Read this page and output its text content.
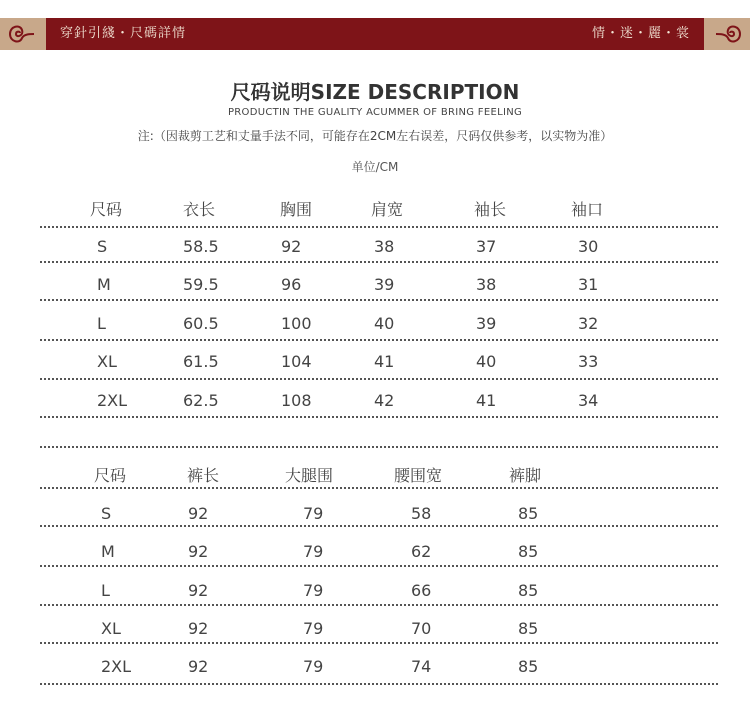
穿針引綫・尺碼詳情	情・迷・麗・裳
尺码说明SIZE DESCRIPTION
PRODUCTIN THE GUALITY ACUMMER OF BRING FEELING
注:（因裁剪工艺和丈量手法不同，可能存在2CM左右误差，尺码仅供参考，以实物为准）
单位/CM
尺码	衣长	胸围	肩宽	袖长	袖口
S	58.5	92	38	37	30
M	59.5	96	39	38	31
L	60.5	100	40	39	32
XL	61.5	104	41	40	33
2XL	62.5	108	42	41	34
尺码	裤长	大腿围	腰围宽	裤脚
S	92	79	58	85
M	92	79	62	85
L	92	79	66	85
XL	92	79	70	85
2XL	92	79	74	85
